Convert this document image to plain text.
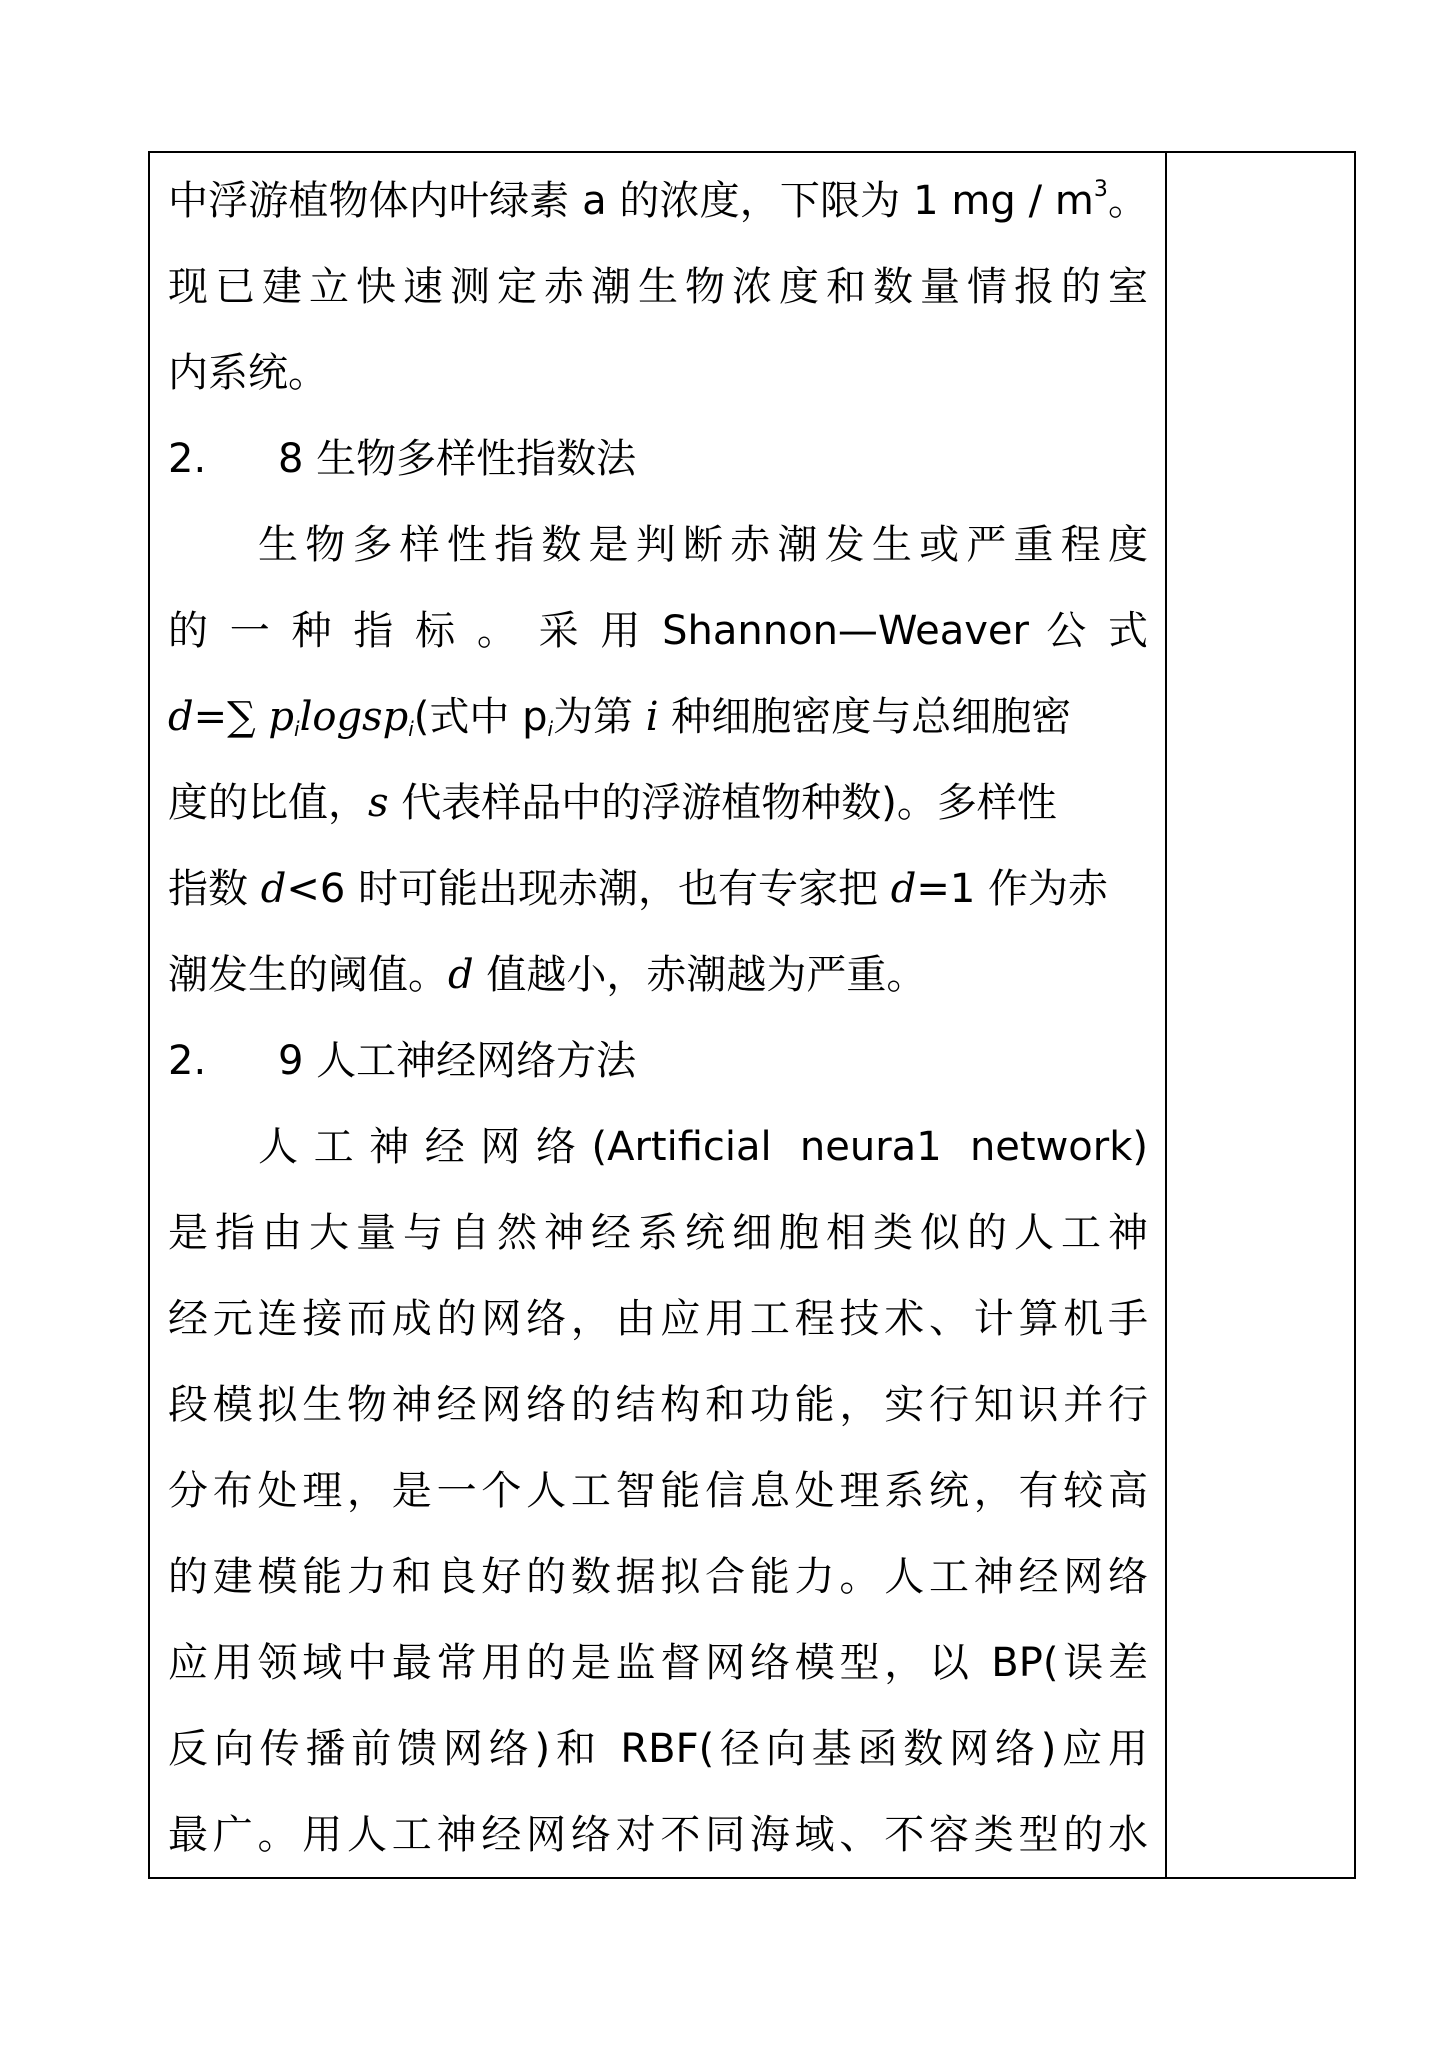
中浮游植物体内叶绿素 a 的浓度，下限为 1 mg / $m^3$。
现已建立快速测定赤潮生物浓度和数量情报的室
内系统。
2. 8 生物多样性指数法
生物多样性指数是判断赤潮发生或严重程度
的 一 种 指 标 。 采 用 Shannon—Weaver 公 式
d=∑ $p_ilogsp_i$(式中 $p_i$为第 i 种细胞密度与总细胞密
度的比值，s 代表样品中的浮游植物种数)。多样性
指数 d<6 时可能出现赤潮，也有专家把 d=1 作为赤
潮发生的阈值。d 值越小，赤潮越为严重。
2. 9 人工神经网络方法
人工神经网络(Artificial neura1 network)
是指由大量与自然神经系统细胞相类似的人工神
经元连接而成的网络，由应用工程技术、计算机手
段模拟生物神经网络的结构和功能，实行知识并行
分布处理，是一个人工智能信息处理系统，有较高
的建模能力和良好的数据拟合能力。人工神经网络
应用领域中最常用的是监督网络模型，以 BP(误差
反向传播前馈网络)和 RBF(径向基函数网络)应用
最广。用人工神经网络对不同海域、不容类型的水
